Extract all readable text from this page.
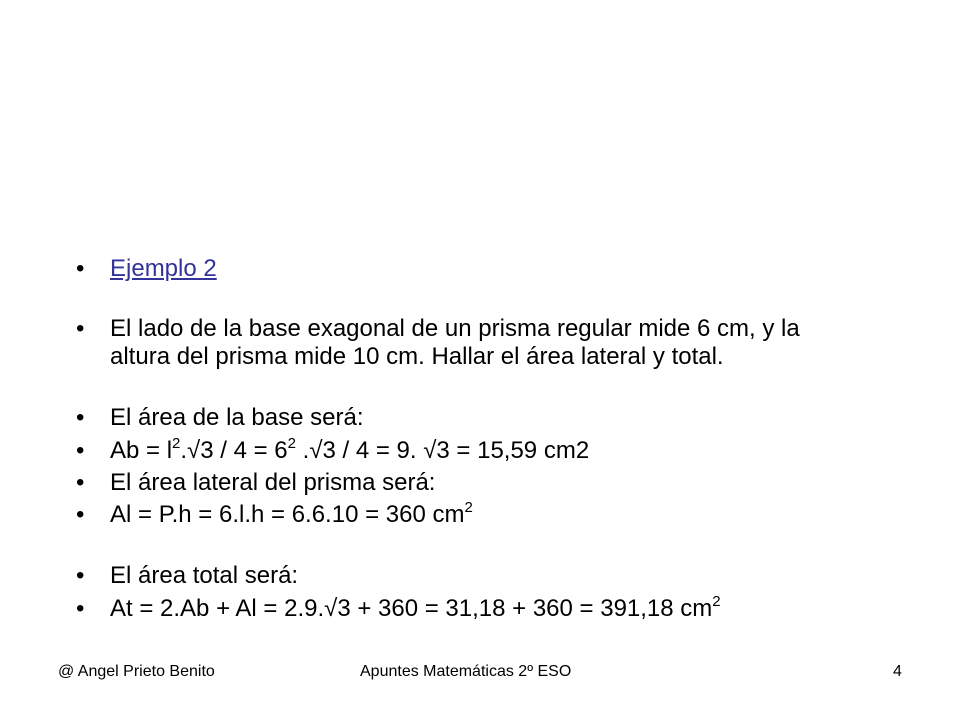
• Ejemplo 2
• El lado de la base exagonal de un prisma regular mide 6 cm, y la
altura del prisma mide 10 cm. Hallar el área lateral y total.
• El área de la base será:
• $Ab = l^2.√3 / 4 = 6^2$ .√3 / 4 = 9. √3 = 15,59 cm2
• El área lateral del prisma será:
• Al = P.h = 6.l.h = 6.6.10 = 360 $cm^2$
• El área total será:
• At = 2.Ab + Al = 2.9.√3 + 360 = 31,18 + 360 = 391,18 $cm^2$
@ Angel Prieto Benito	Apuntes Matemáticas 2º ESO	4
